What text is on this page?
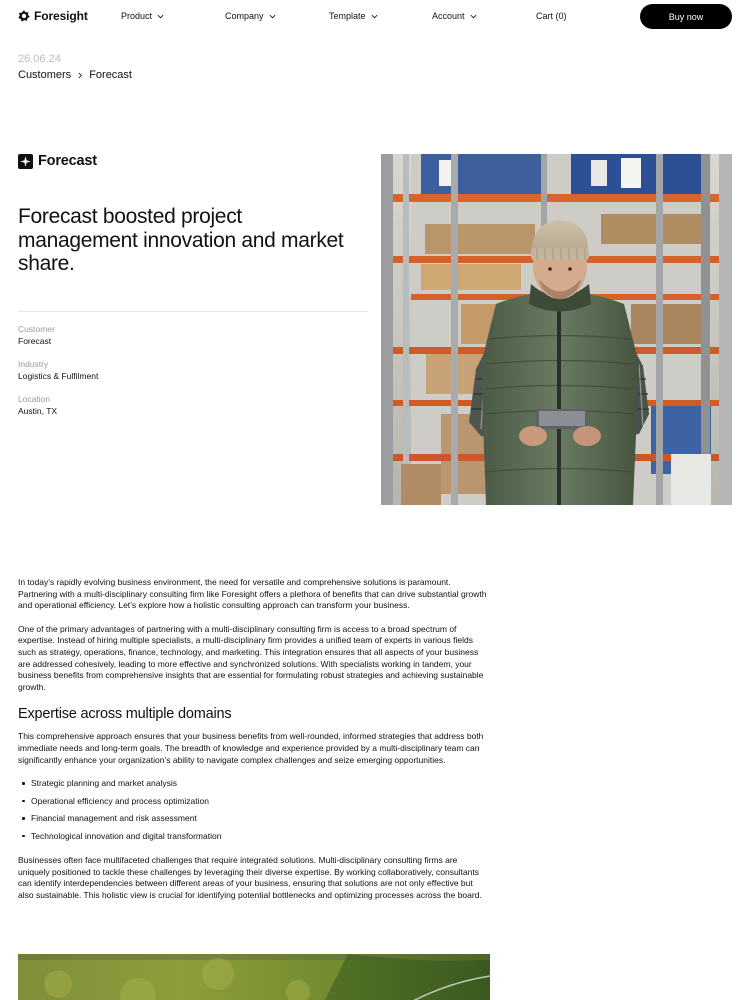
Foresight	Product	Company	Template	Account	Cart (0)	Buy now
26.06.24
Customers Forecast
Forecast
Forecast boosted project management innovation and market share.
Customer
Forecast
Industry
Logistics & Fulfilment
Location
Austin, TX

In today’s rapidly evolving business environment, the need for versatile and comprehensive solutions is paramount. Partnering with a multi-disciplinary consulting firm like Foresight offers a plethora of benefits that can drive substantial growth and operational efficiency. Let’s explore how a holistic consulting approach can transform your business.

One of the primary advantages of partnering with a multi-disciplinary consulting firm is access to a broad spectrum of expertise. Instead of hiring multiple specialists, a multi-disciplinary firm provides a unified team of experts in various fields such as strategy, operations, finance, technology, and marketing. This integration ensures that all aspects of your business are addressed cohesively, leading to more effective and synchronized solutions. With specialists working in tandem, your business benefits from comprehensive insights that are essential for formulating robust strategies and achieving sustainable growth.

Expertise across multiple domains

This comprehensive approach ensures that your business benefits from well-rounded, informed strategies that address both immediate needs and long-term goals. The breadth of knowledge and experience provided by a multi-disciplinary team can significantly enhance your organization’s ability to navigate complex challenges and seize emerging opportunities.

Strategic planning and market analysis
Operational efficiency and process optimization
Financial management and risk assessment
Technological innovation and digital transformation

Businesses often face multifaceted challenges that require integrated solutions. Multi-disciplinary consulting firms are uniquely positioned to tackle these challenges by leveraging their diverse expertise. By working collaboratively, consultants can identify interdependencies between different areas of your business, ensuring that solutions are not only effective but also sustainable. This holistic view is crucial for identifying potential bottlenecks and optimizing processes across the board.
